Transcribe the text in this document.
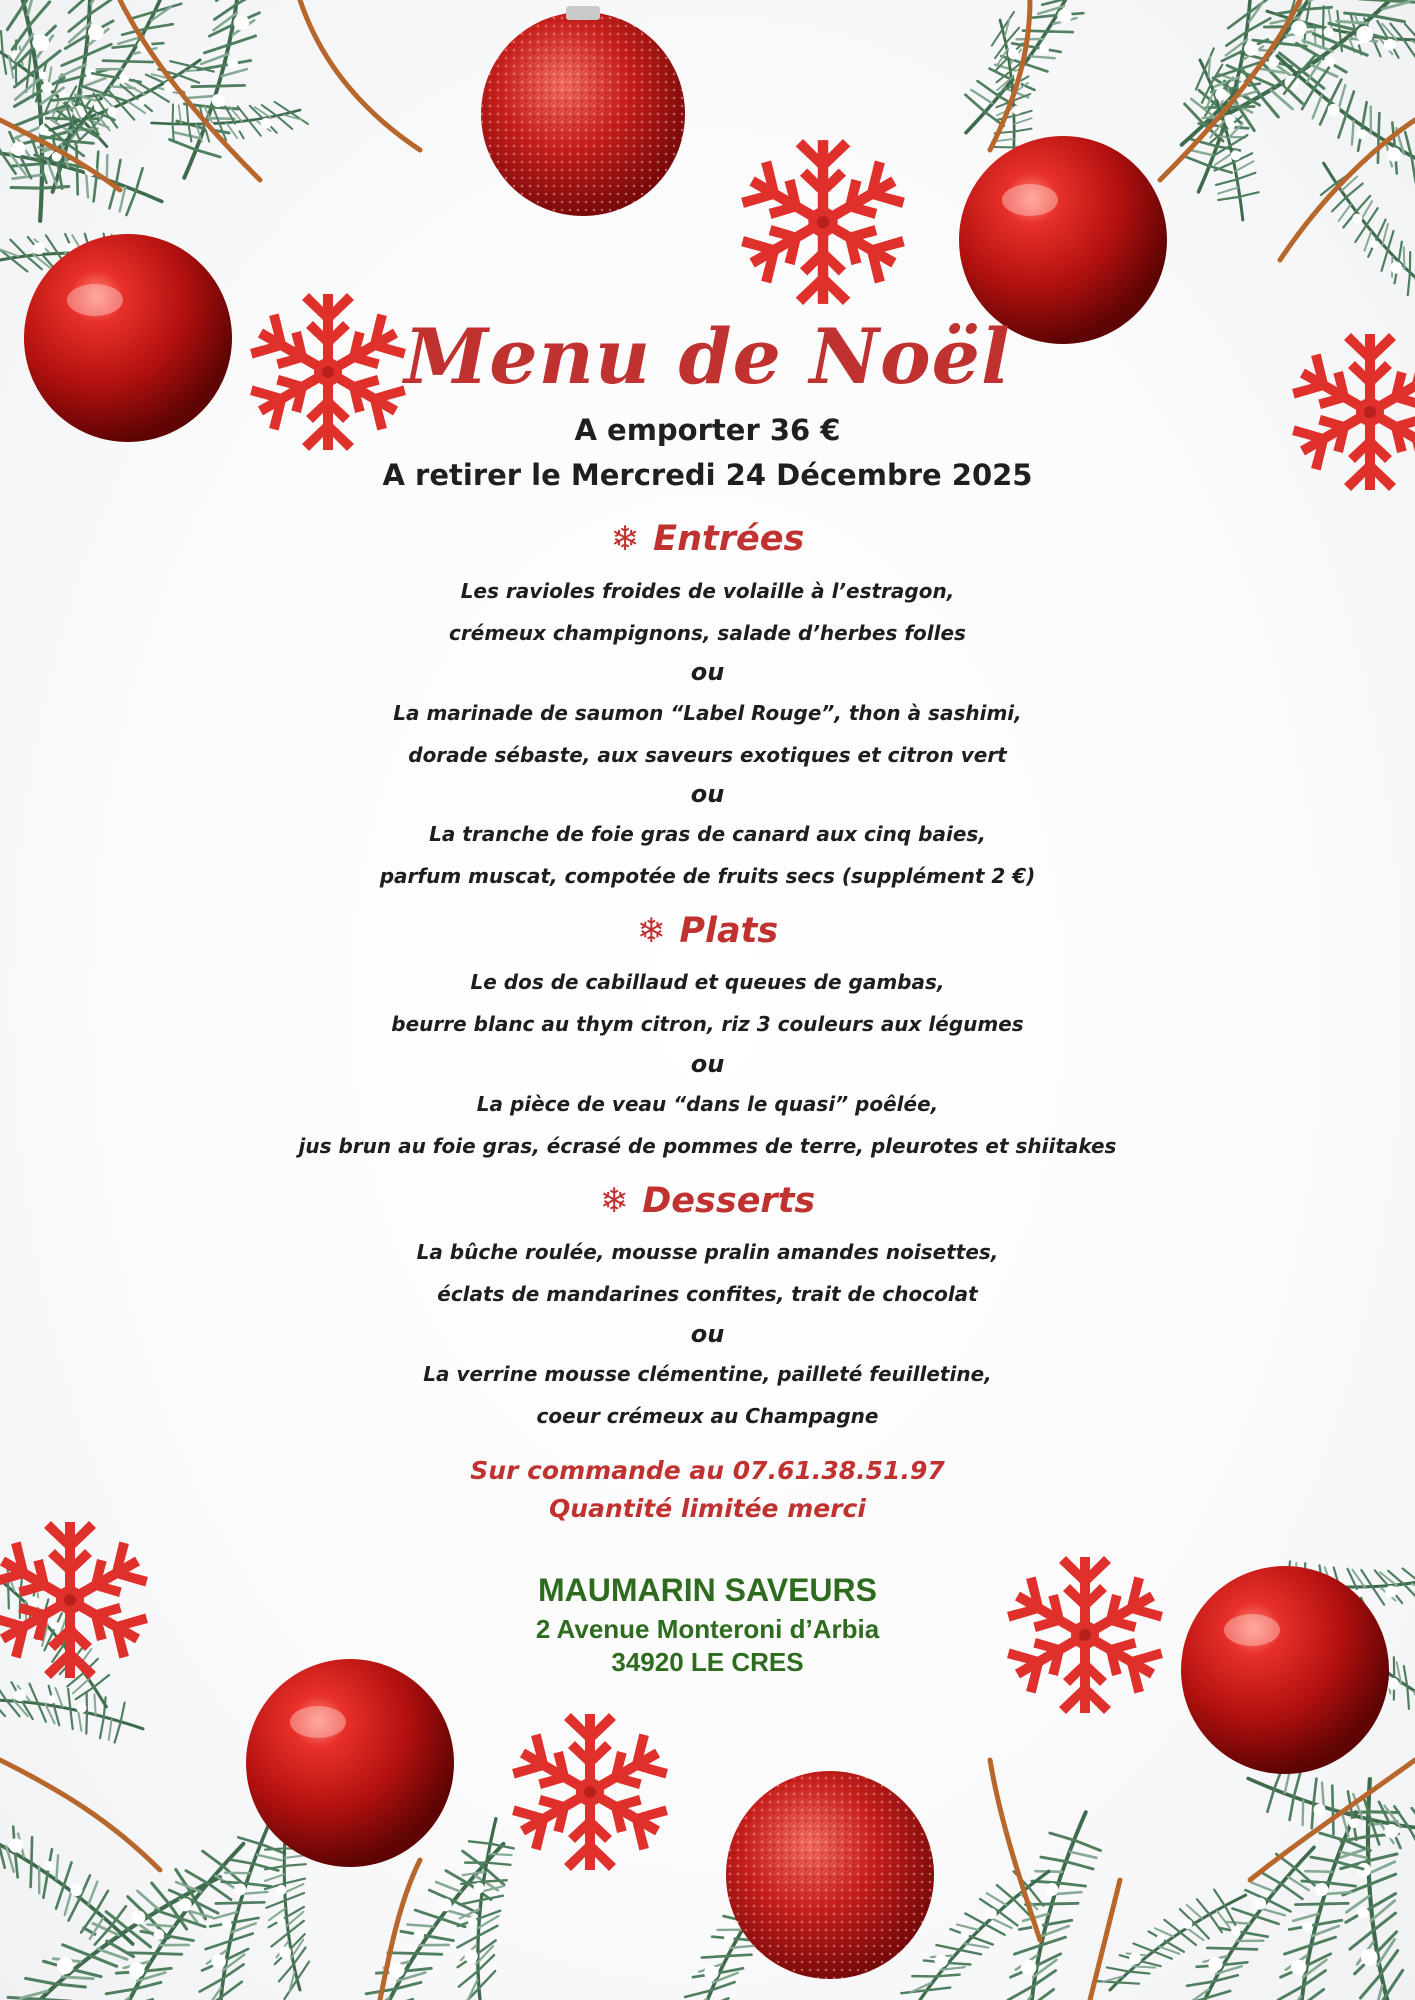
Menu de Noël
A emporter 36 €
A retirer le Mercredi 24 Décembre 2025
❄ Entrées
Les ravioles froides de volaille à l’estragon,
crémeux champignons, salade d’herbes folles
ou
La marinade de saumon “Label Rouge”, thon à sashimi,
dorade sébaste, aux saveurs exotiques et citron vert
ou
La tranche de foie gras de canard aux cinq baies,
parfum muscat, compotée de fruits secs (supplément 2 €)
❄ Plats
Le dos de cabillaud et queues de gambas,
beurre blanc au thym citron, riz 3 couleurs aux légumes
ou
La pièce de veau “dans le quasi” poêlée,
jus brun au foie gras, écrasé de pommes de terre, pleurotes et shiitakes
❄ Desserts
La bûche roulée, mousse pralin amandes noisettes,
éclats de mandarines confites, trait de chocolat
ou
La verrine mousse clémentine, pailleté feuilletine,
coeur crémeux au Champagne
Sur commande au 07.61.38.51.97
Quantité limitée merci
MAUMARIN SAVEURS
2 Avenue Monteroni d’Arbia
34920 LE CRES
